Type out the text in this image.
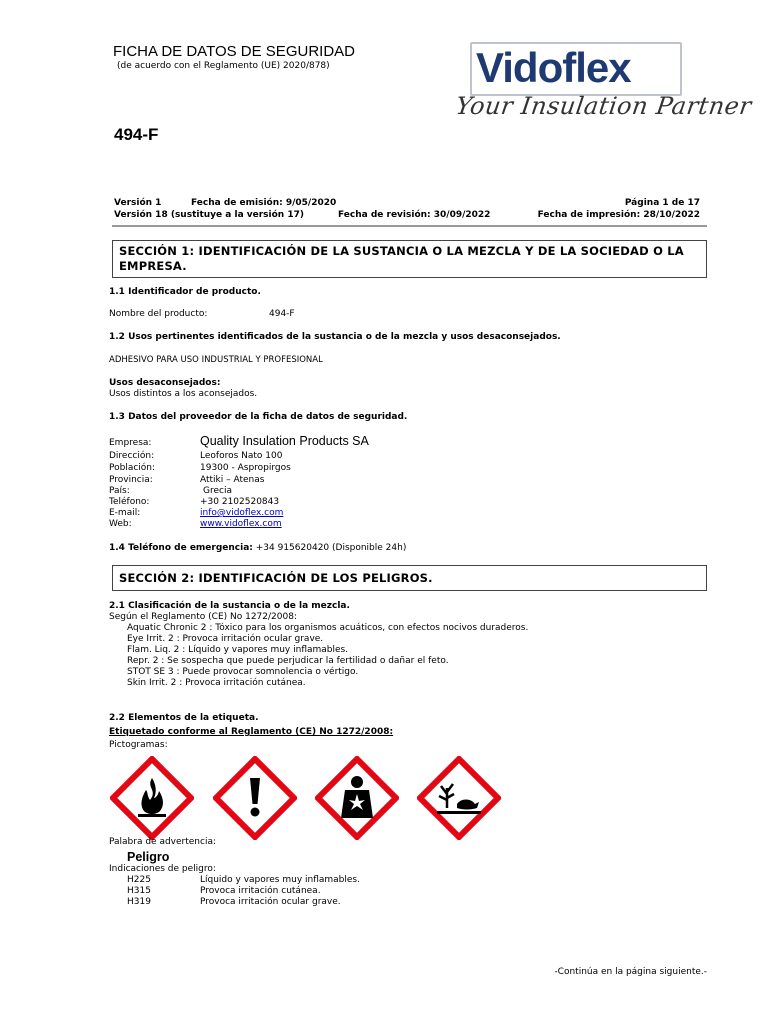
FICHA DE DATOS DE SEGURIDAD
(de acuerdo con el Reglamento (UE) 2020/878)
494-F
Vidoflex
Your Insulation Partner
Versión 1	Fecha de emisión: 9/05/2020	Página 1 de 17
Versión 18 (sustituye a la versión 17)	Fecha de revisión: 30/09/2022	Fecha de impresión: 28/10/2022
SECCIÓN 1: IDENTIFICACIÓN DE LA SUSTANCIA O LA MEZCLA Y DE LA SOCIEDAD O LA EMPRESA.
1.1 Identificador de producto.
Nombre del producto:	494-F
1.2 Usos pertinentes identificados de la sustancia o de la mezcla y usos desaconsejados.
ADHESIVO PARA USO INDUSTRIAL Y PROFESIONAL
Usos desaconsejados:
Usos distintos a los aconsejados.
1.3 Datos del proveedor de la ficha de datos de seguridad.
Empresa:	Quality Insulation Products SA
Dirección:	Leoforos Nato 100
Población:	19300 - Aspropirgos
Provincia:	Attiki – Atenas
País:	Grecia
Teléfono:	+30 2102520843
E-mail:	info@vidoflex.com
Web:	www.vidoflex.com
1.4 Teléfono de emergencia: +34 915620420 (Disponible 24h)
SECCIÓN 2: IDENTIFICACIÓN DE LOS PELIGROS.
2.1 Clasificación de la sustancia o de la mezcla.
Según el Reglamento (CE) No 1272/2008:
Aquatic Chronic 2 : Tóxico para los organismos acuáticos, con efectos nocivos duraderos.
Eye Irrit. 2 : Provoca irritación ocular grave.
Flam. Liq. 2 : Líquido y vapores muy inflamables.
Repr. 2 : Se sospecha que puede perjudicar la fertilidad o dañar el feto.
STOT SE 3 : Puede provocar somnolencia o vértigo.
Skin Irrit. 2 : Provoca irritación cutánea.
2.2 Elementos de la etiqueta.
Etiquetado conforme al Reglamento (CE) No 1272/2008:
Pictogramas:
Palabra de advertencia:
Peligro
Indicaciones de peligro:
H225	Líquido y vapores muy inflamables.
H315	Provoca irritación cutánea.
H319	Provoca irritación ocular grave.
-Continúa en la página siguiente.-
